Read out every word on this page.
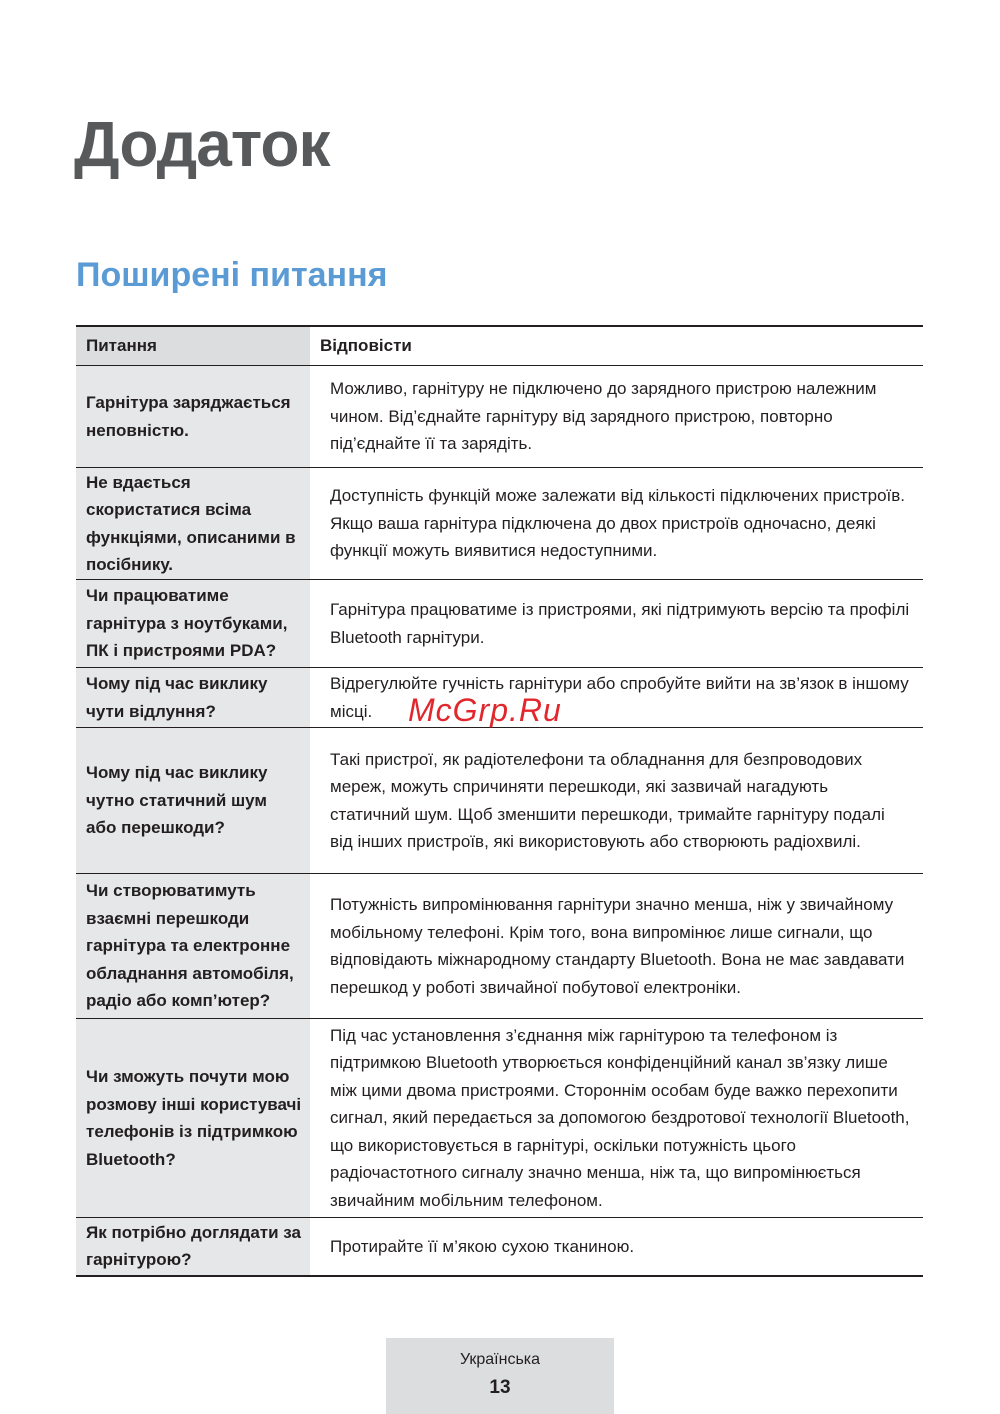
Додаток
Поширені питання
Питання	Відповісти
Гарнітура заряджається неповністю.	Можливо, гарнітуру не підключено до зарядного пристрою належним чином. Від’єднайте гарнітуру від зарядного пристрою, повторно під’єднайте її та зарядіть.
Не вдається скористатися всіма функціями, описаними в посібнику.	Доступність функцій може залежати від кількості підключених пристроїв. Якщо ваша гарнітура підключена до двох пристроїв одночасно, деякі функції можуть виявитися недоступними.
Чи працюватиме гарнітура з ноутбуками, ПК і пристроями PDA?	Гарнітура працюватиме із пристроями, які підтримують версію та профілі Bluetooth гарнітури.
Чому під час виклику чути відлуння?	Відрегулюйте гучність гарнітури або спробуйте вийти на зв’язок в іншому місці.
Чому під час виклику чутно статичний шум або перешкоди?	Такі пристрої, як радіотелефони та обладнання для безпроводових мереж, можуть спричиняти перешкоди, які зазвичай нагадують статичний шум. Щоб зменшити перешкоди, тримайте гарнітуру подалі від інших пристроїв, які використовують або створюють радіохвилі.
Чи створюватимуть взаємні перешкоди гарнітура та електронне обладнання автомобіля, радіо або комп’ютер?	Потужність випромінювання гарнітури значно менша, ніж у звичайному мобільному телефоні. Крім того, вона випромінює лише сигнали, що відповідають міжнародному стандарту Bluetooth. Вона не має завдавати перешкод у роботі звичайної побутової електроніки.
Чи зможуть почути мою розмову інші користувачі телефонів із підтримкою Bluetooth?	Під час установлення з’єднання між гарнітурою та телефоном із підтримкою Bluetooth утворюється конфіденційний канал зв’язку лише між цими двома пристроями. Стороннім особам буде важко перехопити сигнал, який передається за допомогою бездротової технології Bluetooth, що використовується в гарнітурі, оскільки потужність цього радіочастотного сигналу значно менша, ніж та, що випромінюється звичайним мобільним телефоном.
Як потрібно доглядати за гарнітурою?	Протирайте її м’якою сухою тканиною.
McGrp.Ru
Українська
13
